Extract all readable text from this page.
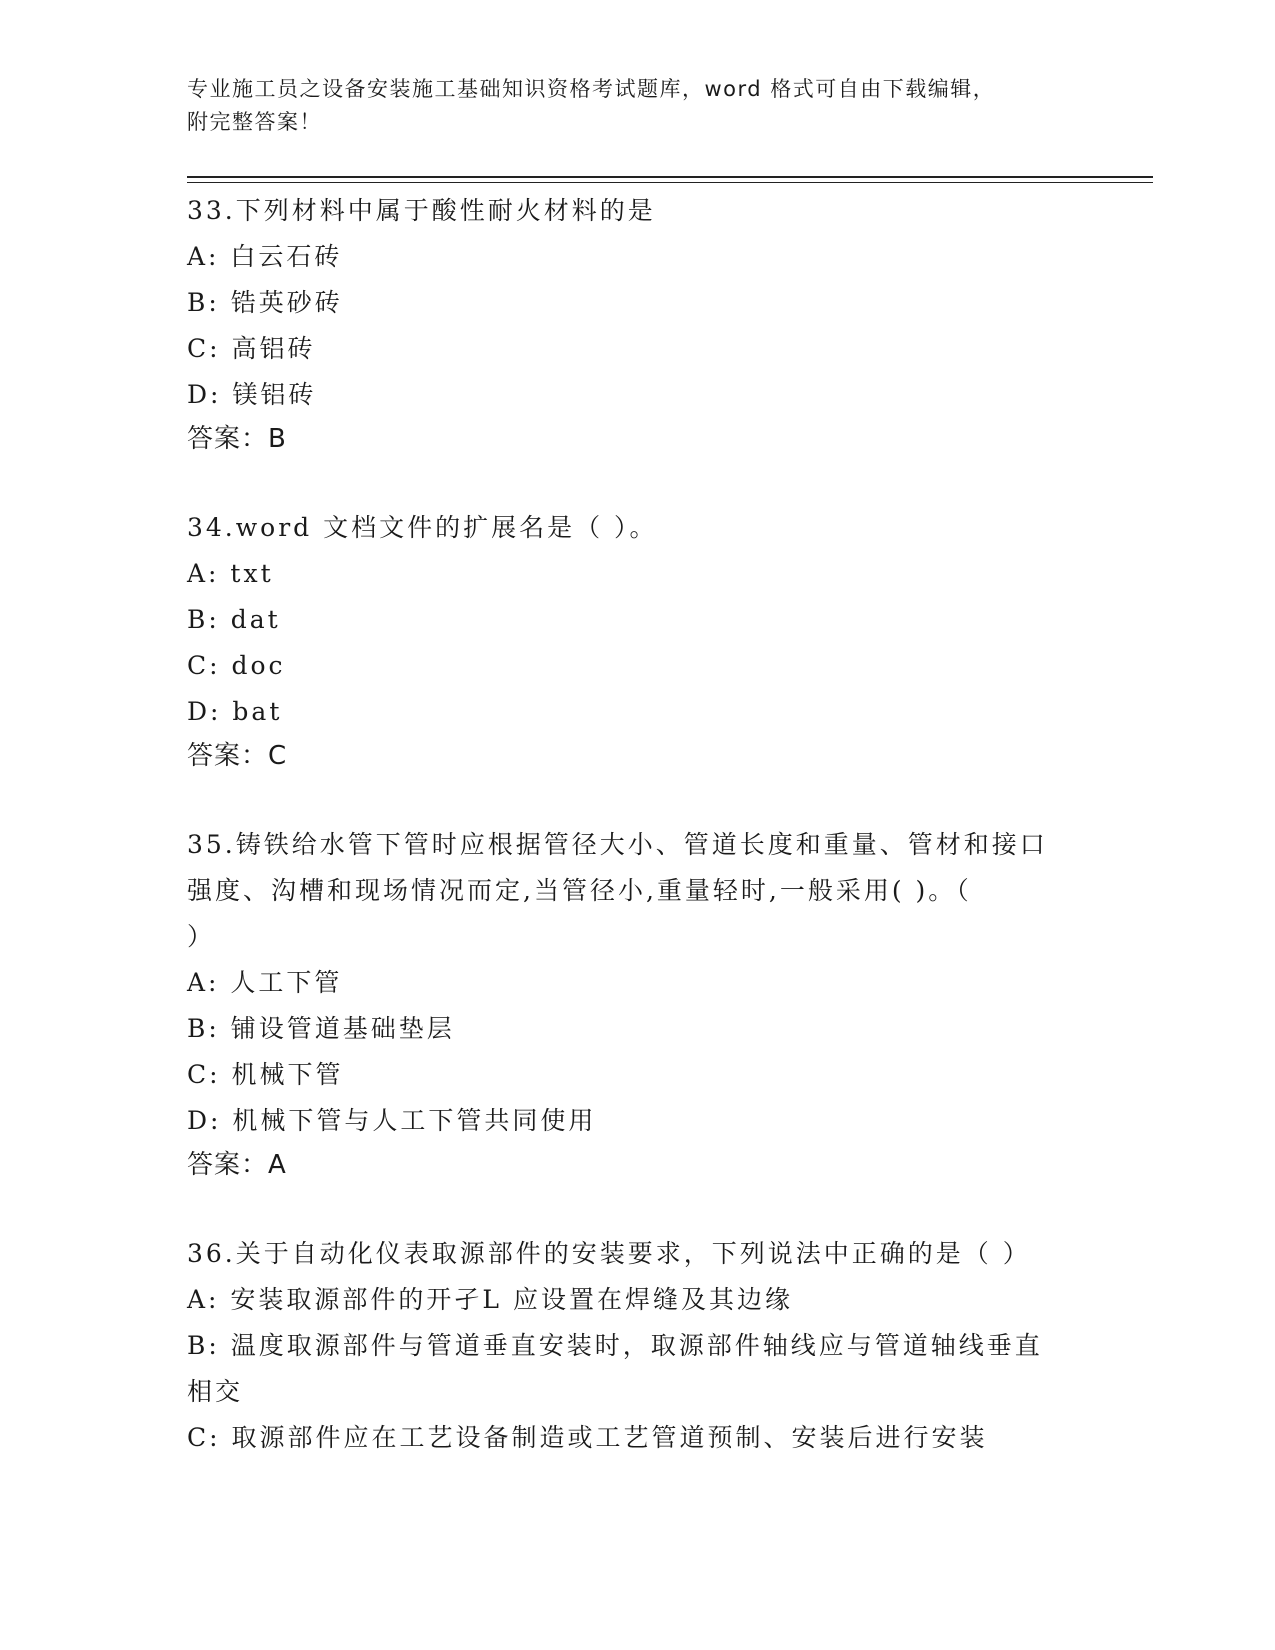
专业施工员之设备安装施工基础知识资格考试题库，word 格式可自由下载编辑，
附完整答案！
33.下列材料中属于酸性耐火材料的是
A: 白云石砖
B: 锆英砂砖
C: 高铝砖
D: 镁铝砖
答案：B
34.word 文档文件的扩展名是（ ）。
A: txt
B: dat
C: doc
D: bat
答案：C
35.铸铁给水管下管时应根据管径大小、管道长度和重量、管材和接口
强度、沟槽和现场情况而定,当管径小,重量轻时,一般采用( )。（
）
A: 人工下管
B: 铺设管道基础垫层
C: 机械下管
D: 机械下管与人工下管共同使用
答案：A
36.关于自动化仪表取源部件的安装要求，下列说法中正确的是（ ）
A: 安装取源部件的开孑L 应设置在焊缝及其边缘
B: 温度取源部件与管道垂直安装时，取源部件轴线应与管道轴线垂直
相交
C: 取源部件应在工艺设备制造或工艺管道预制、安装后进行安装
